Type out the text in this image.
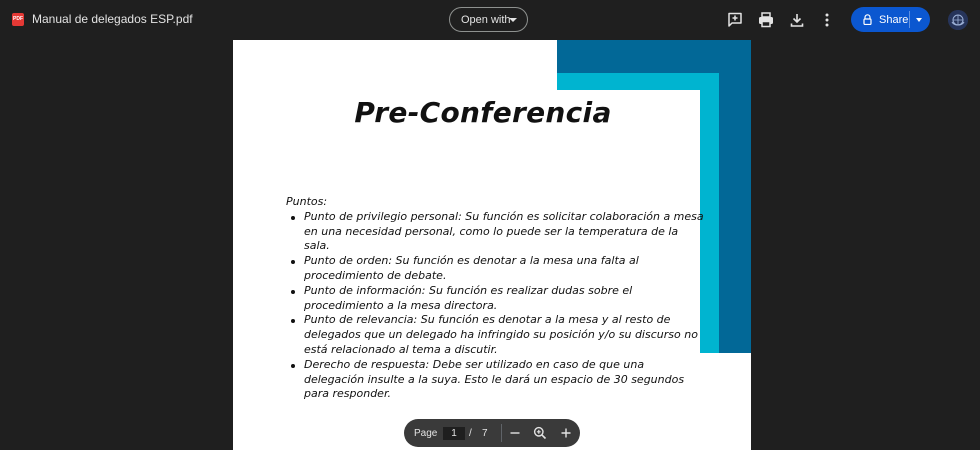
PDF Manual de delegados ESP.pdf	Open with	Share
Pre-Conferencia
Puntos:
Punto de privilegio personal: Su función es solicitar colaboración a mesa en una necesidad personal, como lo puede ser la temperatura de la sala.
Punto de orden: Su función es denotar a la mesa una falta al procedimiento de debate.
Punto de información: Su función es realizar dudas sobre el procedimiento a la mesa directora.
Punto de relevancia: Su función es denotar a la mesa y al resto de delegados que un delegado ha infringido su posición y/o su discurso no está relacionado al tema a discutir.
Derecho de respuesta: Debe ser utilizado en caso de que una delegación insulte a la suya. Esto le dará un espacio de 30 segundos para responder.
Page	1	/ 7
